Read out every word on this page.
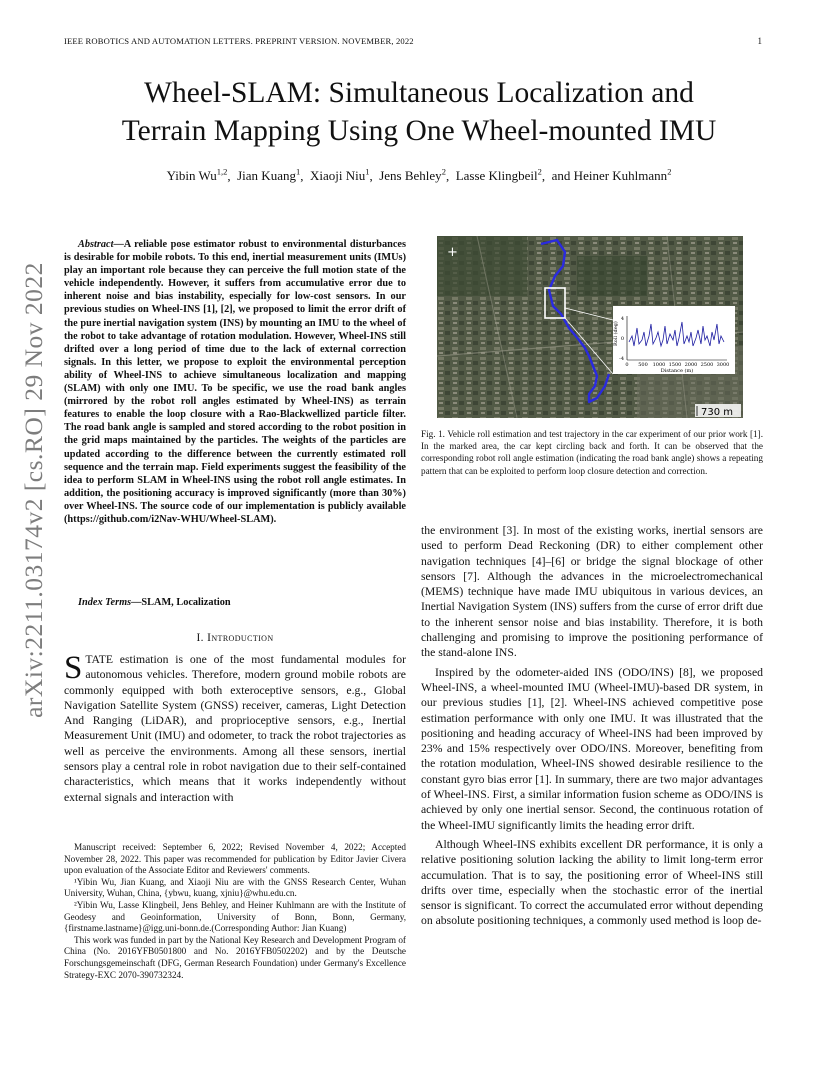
IEEE ROBOTICS AND AUTOMATION LETTERS. PREPRINT VERSION. NOVEMBER, 2022	1
arXiv:2211.03174v2 [cs.RO] 29 Nov 2022
Wheel-SLAM: Simultaneous Localization and
Terrain Mapping Using One Wheel-mounted IMU
Yibin Wu$^{1,2}$,  Jian Kuang$^1$,  Xiaoji Niu$^1$,  Jens Behley$^2$,  Lasse Klingbeil$^2$,  and Heiner Kuhlmann$^2$

Abstract—A reliable pose estimator robust to environmental disturbances is desirable for mobile robots. To this end, inertial measurement units (IMUs) play an important role because they can perceive the full motion state of the vehicle independently. However, it suffers from accumulative error due to inherent noise and bias instability, especially for low-cost sensors. In our previous studies on Wheel-INS [1], [2], we proposed to limit the error drift of the pure inertial navigation system (INS) by mounting an IMU to the wheel of the robot to take advantage of rotation modulation. However, Wheel-INS still drifted over a long period of time due to the lack of external correction signals. In this letter, we propose to exploit the environmental perception ability of Wheel-INS to achieve simultaneous localization and mapping (SLAM) with only one IMU. To be specific, we use the road bank angles (mirrored by the robot roll angles estimated by Wheel-INS) as terrain features to enable the loop closure with a Rao-Blackwellized particle filter. The road bank angle is sampled and stored according to the robot position in the grid maps maintained by the particles. The weights of the particles are updated according to the difference between the currently estimated roll sequence and the terrain map. Field experiments suggest the feasibility of the idea to perform SLAM in Wheel-INS using the robot roll angle estimates. In addition, the positioning accuracy is improved significantly (more than 30%) over Wheel-INS. The source code of our implementation is publicly available (https://github.com/i2Nav-WHU/Wheel-SLAM).

Index Terms—SLAM, Localization

I. Introduction

STATE estimation is one of the most fundamental modules for autonomous vehicles. Therefore, modern ground mobile robots are commonly equipped with both exteroceptive sensors, e.g., Global Navigation Satellite System (GNSS) receiver, cameras, Light Detection And Ranging (LiDAR), and proprioceptive sensors, e.g., Inertial Measurement Unit (IMU) and odometer, to track the robot trajectories as well as perceive the environments. Among all these sensors, inertial sensors play a central role in robot navigation due to their self-contained characteristics, which means that it works independently without external signals and interaction with

Manuscript received: September 6, 2022; Revised November 4, 2022; Accepted November 28, 2022. This paper was recommended for publication by Editor Javier Civera upon evaluation of the Associate Editor and Reviewers' comments.

¹Yibin Wu, Jian Kuang, and Xiaoji Niu are with the GNSS Research Center, Wuhan University, Wuhan, China, {ybwu, kuang, xjniu}@whu.edu.cn.

²Yibin Wu, Lasse Klingbeil, Jens Behley, and Heiner Kuhlmann are with the Institute of Geodesy and Geoinformation, University of Bonn, Bonn, Germany, {firstname.lastname}@igg.uni-bonn.de.(Corresponding Author: Jian Kuang)

This work was funded in part by the National Key Research and Development Program of China (No. 2016YFB0501800 and No. 2016YFB0502202) and by the Deutsche Forschungsgemeinschaft (DFG, German Research Foundation) under Germany's Excellence Strategy-EXC 2070-390732324.

+
Roll (deg)
4
0
-4
0 500 1000 1500 2000 2500 3000
Distance (m)
730 m

Fig. 1. Vehicle roll estimation and test trajectory in the car experiment of our prior work [1]. In the marked area, the car kept circling back and forth. It can be observed that the corresponding robot roll angle estimation (indicating the road bank angle) shows a repeating pattern that can be exploited to perform loop closure detection and correction.

the environment [3]. In most of the existing works, inertial sensors are used to perform Dead Reckoning (DR) to either complement other navigation techniques [4]–[6] or bridge the signal blockage of other sensors [7]. Although the advances in the microelectromechanical (MEMS) technique have made IMU ubiquitous in various devices, an Inertial Navigation System (INS) suffers from the curse of error drift due to the inherent sensor noise and bias instability. Therefore, it is both challenging and promising to improve the positioning performance of the stand-alone INS.

Inspired by the odometer-aided INS (ODO/INS) [8], we proposed Wheel-INS, a wheel-mounted IMU (Wheel-IMU)-based DR system, in our previous studies [1], [2]. Wheel-INS achieved competitive pose estimation performance with only one IMU. It was illustrated that the positioning and heading accuracy of Wheel-INS had been improved by 23% and 15% respectively over ODO/INS. Moreover, benefiting from the rotation modulation, Wheel-INS showed desirable resilience to the constant gyro bias error [1]. In summary, there are two major advantages of Wheel-INS. First, a similar information fusion scheme as ODO/INS is achieved by only one inertial sensor. Second, the continuous rotation of the Wheel-IMU significantly limits the heading error drift.

Although Wheel-INS exhibits excellent DR performance, it is only a relative positioning solution lacking the ability to limit long-term error accumulation. That is to say, the positioning error of Wheel-INS still drifts over time, especially when the stochastic error of the inertial sensor is significant. To correct the accumulated error without depending on absolute positioning techniques, a commonly used method is loop de-
